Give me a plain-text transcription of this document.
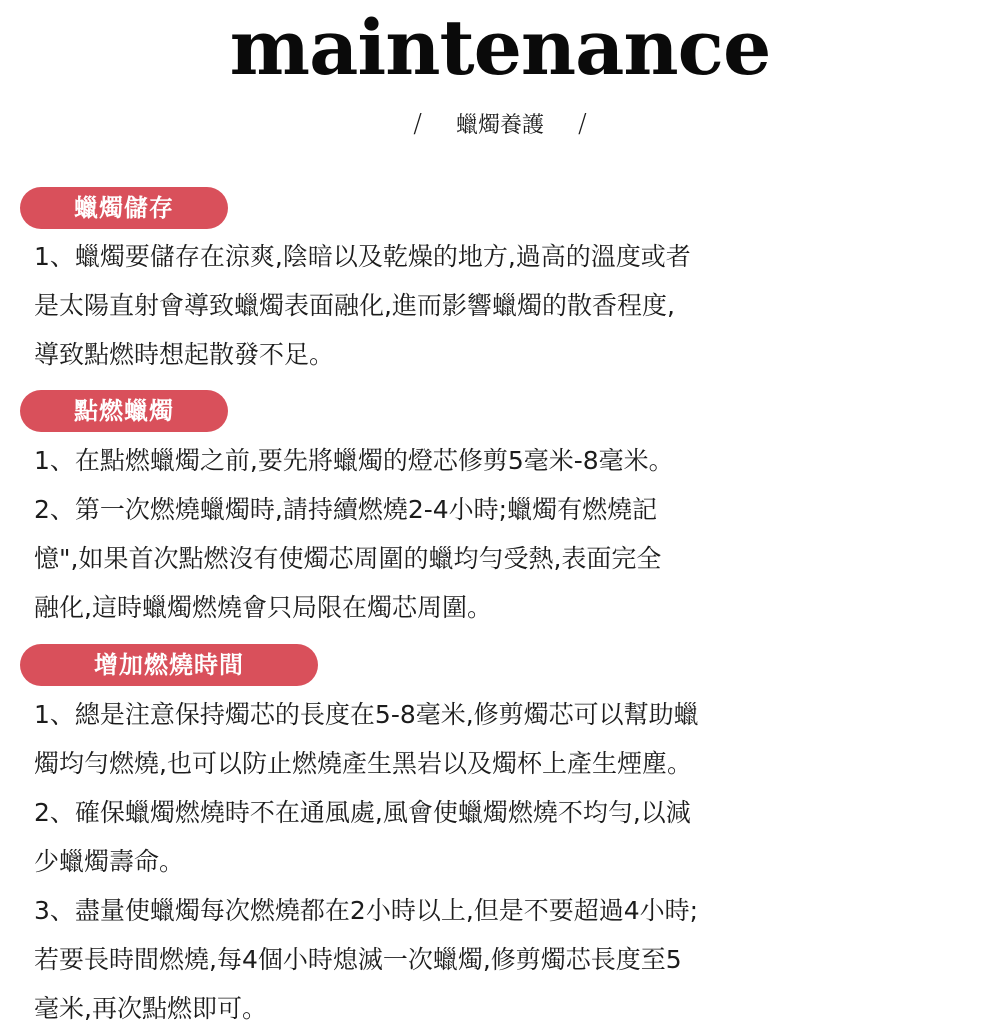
maintenance
/ 蠟燭養護 /
蠟燭儲存
1、蠟燭要儲存在涼爽,陰暗以及乾燥的地方,過高的溫度或者
是太陽直射會導致蠟燭表面融化,進而影響蠟燭的散香程度,
導致點燃時想起散發不足。
點燃蠟燭
1、在點燃蠟燭之前,要先將蠟燭的燈芯修剪5毫米-8毫米。
2、第一次燃燒蠟燭時,請持續燃燒2-4小時;蠟燭有燃燒記
憶",如果首次點燃沒有使燭芯周圍的蠟均勻受熱,表面完全
融化,這時蠟燭燃燒會只局限在燭芯周圍。
增加燃燒時間
1、總是注意保持燭芯的長度在5-8毫米,修剪燭芯可以幫助蠟
燭均勻燃燒,也可以防止燃燒產生黑岩以及燭杯上產生煙塵。
2、確保蠟燭燃燒時不在通風處,風會使蠟燭燃燒不均勻,以減
少蠟燭壽命。
3、盡量使蠟燭每次燃燒都在2小時以上,但是不要超過4小時;
若要長時間燃燒,每4個小時熄滅一次蠟燭,修剪燭芯長度至5
毫米,再次點燃即可。
